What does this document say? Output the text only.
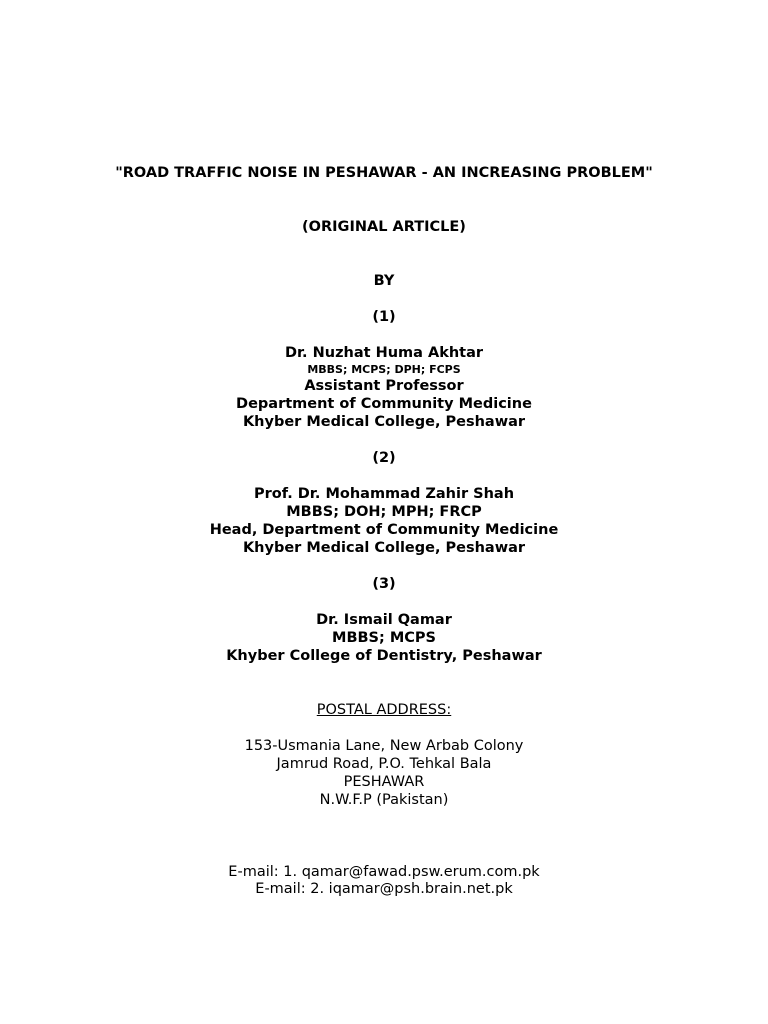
"ROAD TRAFFIC NOISE IN PESHAWAR - AN INCREASING PROBLEM"
(ORIGINAL ARTICLE)
BY
(1)
Dr. Nuzhat Huma Akhtar
MBBS; MCPS; DPH; FCPS
Assistant Professor
Department of Community Medicine
Khyber Medical College, Peshawar
(2)
Prof. Dr. Mohammad Zahir Shah
MBBS; DOH; MPH; FRCP
Head, Department of Community Medicine
Khyber Medical College, Peshawar
(3)
Dr. Ismail Qamar
MBBS; MCPS
Khyber College of Dentistry, Peshawar
POSTAL ADDRESS:
153-Usmania Lane, New Arbab Colony
Jamrud Road, P.O. Tehkal Bala
PESHAWAR
N.W.F.P (Pakistan)
E-mail: 1. qamar@fawad.psw.erum.com.pk
E-mail: 2. iqamar@psh.brain.net.pk
